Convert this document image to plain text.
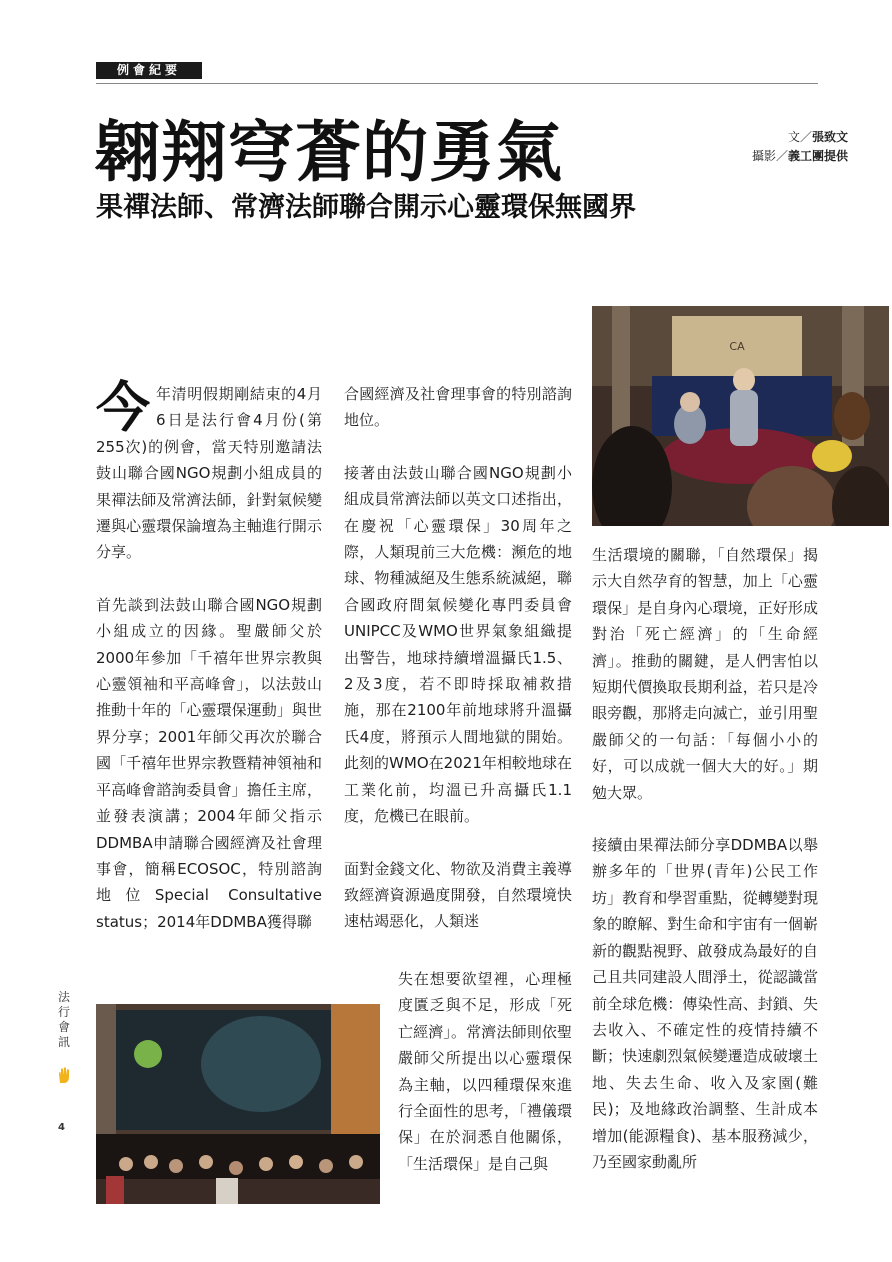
例會紀要
翱翔穹蒼的勇氣
果禪法師、常濟法師聯合開示心靈環保無國界
文／張致文
攝影／義工團提供
CA

今年清明假期剛結束的4月6日是法行會4月份(第255次)的例會，當天特別邀請法鼓山聯合國NGO規劃小組成員的果禪法師及常濟法師，針對氣候變遷與心靈環保論壇為主軸進行開示分享。

首先談到法鼓山聯合國NGO規劃小組成立的因緣。聖嚴師父於2000年參加「千禧年世界宗教與心靈領袖和平高峰會」，以法鼓山推動十年的「心靈環保運動」與世界分享；2001年師父再次於聯合國「千禧年世界宗教暨精神領袖和平高峰會諮詢委員會」擔任主席，並發表演講；2004年師父指示DDMBA申請聯合國經濟及社會理事會，簡稱ECOSOC，特別諮詢地位Special Consultative status；2014年DDMBA獲得聯

合國經濟及社會理事會的特別諮詢地位。

接著由法鼓山聯合國NGO規劃小組成員常濟法師以英文口述指出，在慶祝「心靈環保」30周年之際，人類現前三大危機：瀕危的地球、物種滅絕及生態系統滅絕，聯合國政府間氣候變化專門委員會UNIPCC及WMO世界氣象組織提出警告，地球持續增溫攝氏1.5、2及3度，若不即時採取補救措施，那在2100年前地球將升溫攝氏4度，將預示人間地獄的開始。此刻的WMO在2021年相較地球在工業化前，均溫已升高攝氏1.1度，危機已在眼前。

面對金錢文化、物欲及消費主義導致經濟資源過度開發，自然環境快速枯竭惡化，人類迷

失在想要欲望裡，心理極度匱乏與不足，形成「死亡經濟」。常濟法師則依聖嚴師父所提出以心靈環保為主軸，以四種環保來進行全面性的思考，「禮儀環保」在於洞悉自他關係，「生活環保」是自己與

生活環境的關聯，「自然環保」揭示大自然孕育的智慧，加上「心靈環保」是自身內心環境，正好形成對治「死亡經濟」的「生命經濟」。推動的關鍵，是人們害怕以短期代價換取長期利益，若只是冷眼旁觀，那將走向滅亡，並引用聖嚴師父的一句話：「每個小小的好，可以成就一個大大的好。」期勉大眾。

接續由果禪法師分享DDMBA以舉辦多年的「世界(青年)公民工作坊」教育和學習重點，從轉變對現象的瞭解、對生命和宇宙有一個嶄新的觀點視野、啟發成為最好的自己且共同建設人間淨土，從認識當前全球危機：傳染性高、封鎖、失去收入、不確定性的疫情持續不斷；快速劇烈氣候變遷造成破壞土地、失去生命、收入及家園(難民)；及地緣政治調整、生計成本增加(能源糧食)、基本服務減少，乃至國家動亂所

法行會訊
4
